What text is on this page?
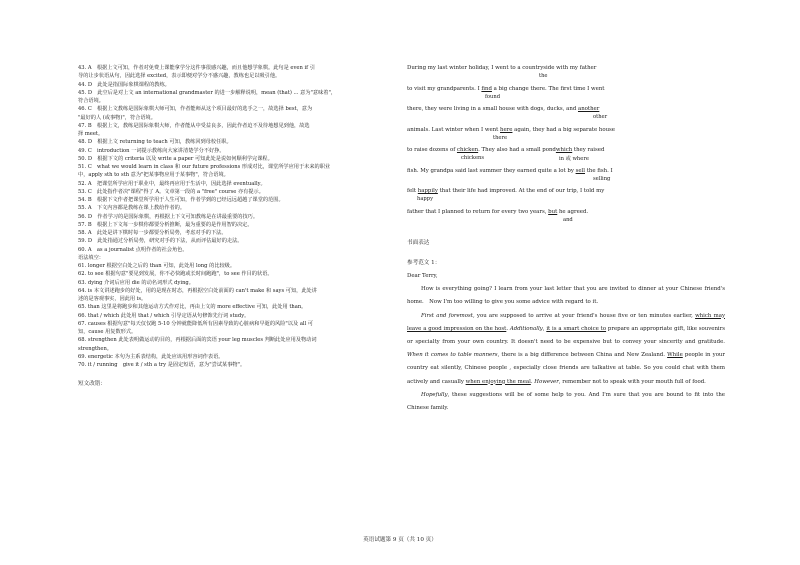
43. A　根据上文可知，作者对免费上课能拿学分这件事很感兴趣，而且他想学象棋。此句是 even if 引
导的让步状语从句，因此选择 excited，表示即便对学分不感兴趣，教练也足以吸引他。
44. D　此处是指国际象棋课程的教练。
45. D　此空后是对上文 an international grandmaster 的进一步解释说明，mean (that) ... 意为"意味着"，
符合语境。
46. C　根据上文教练是国际象棋大师可知，作者能师从这个项目最好的选手之一，故选择 best，意为
"最好的人 (或事物)"，符合语境。
47. B　根据上文，教练是国际象棋大师，作者能从中受益良多，因此作者迫不及待地想见到他，故选
择 meet。
48. D　根据上文 returning to teach 可知，教练回到母校任职。
49. C　introduction 一词提示教练向大家讲清楚学分不好挣。
50. D　根据下文的 criteria 以及 write a paper 可知此处是说如何顺利学完课程。
51. C　what we would learn in class 和 our future professions 形成对比，课堂所学应用于未来的职业
中，apply sth to sth 意为"把某事物应用于某事物"，符合语境。
52. A　把课堂所学应用于职业中，最终再应用于生活中，因此选择 eventually。
53. C　此处指作者决"课程"得了 A。文章第一段的 a "free" course 亦有提示。
54. B　根据下文作者把课堂所学用于人生可知，作者学到的已经远远超越了课堂的范围。
55. A　下文内容都是教练在课上教给作者的。
56. D　作者学习的是国际象棋，再根据上下文可知教练是在讲最重要的技巧。
57. B　根据上下文每一步棋你都要分析推断，最为重要的是作用智的决定。
58. A　此处是讲下棋时每一步都要分析局势，考虑对手的下法。
59. D　此处指通过分析局势，研究对手的下法，从而评估最好的走法。
60. A　as a journalist 点明作者的社会角色。
语法填空：
61. longer 根据空白处之后的 than 可知，此处用 long 的比较级。
62. to see 根据句意"要见到发展，你不必快跑或长时间跑跑"，to see 作目的状语。
63. dying 介词后应用 die 的动名词形式 dying。
64. is 本文讲述跑步的好处，用的是现在时态，再根据空白处前面的 can't make 和 says 可知，此处讲
述的是客观事实，因此用 is。
65. than 这里是将跑步和其他运动方式作对比，再由上文的 more effective 可知，此处用 than。
66. that / which 此处用 that / which 引导定语从句修饰先行词 study。
67. causes 根据句意"每天仅仅跑 5-10 分钟就能降低所有因素导致的心脏病和早逝的风险"以及 all 可
知，cause 用复数形式。
68. strengthen 此处表明做运动的目的，再根据后面的宾语 your leg muscles 判断此处应用及物动词
strengthen。
69. energetic 本句为主系表结构，此处应该用形容词作表语。
70. it / running　give it / sth a try 是固定短语，意为"尝试某事物"。
短文改错：
During my last winter holiday, I went to a countryside with my father
the
to visit my grandparents. I find a big change there. The first time I went
found
there, they were living in a small house with dogs, ducks, and another
other
animals. Last winter when I went here again, they had a big separate house
there
to raise dozens of chicken. They also had a small pondwhich they raised
chickens	in 或 where
fish. My grandpa said last summer they earned quite a lot by sell the fish. I
selling
felt happily that their life had improved. At the end of our trip, I told my
happy
father that I planned to return for every two years, but he agreed.
and
书面表达
参考范文 1：
Dear Terry,
How is everything going? I learn from your last letter that you are invited to dinner at your Chinese friend's home.　Now I'm too willing to give you some advice with regard to it.
First and foremost, you are supposed to arrive at your friend's house five or ten minutes earlier, which may leave a good impression on the host. Additionally, it is a smart choice to prepare an appropriate gift, like souvenirs or specialty from your own country. It doesn't need to be expensive but to convey your sincerity and gratitude. When it comes to table manners, there is a big difference between China and New Zealand. While people in your country eat silently, Chinese people , especially close friends are talkative at table. So you could chat with them actively and casually when enjoying the meal. However, remember not to speak with your mouth full of food.
Hopefully, these suggestions will be of some help to you. And I'm sure that you are bound to fit into the Chinese family.
英语试题第 9 页（共 10 页）
